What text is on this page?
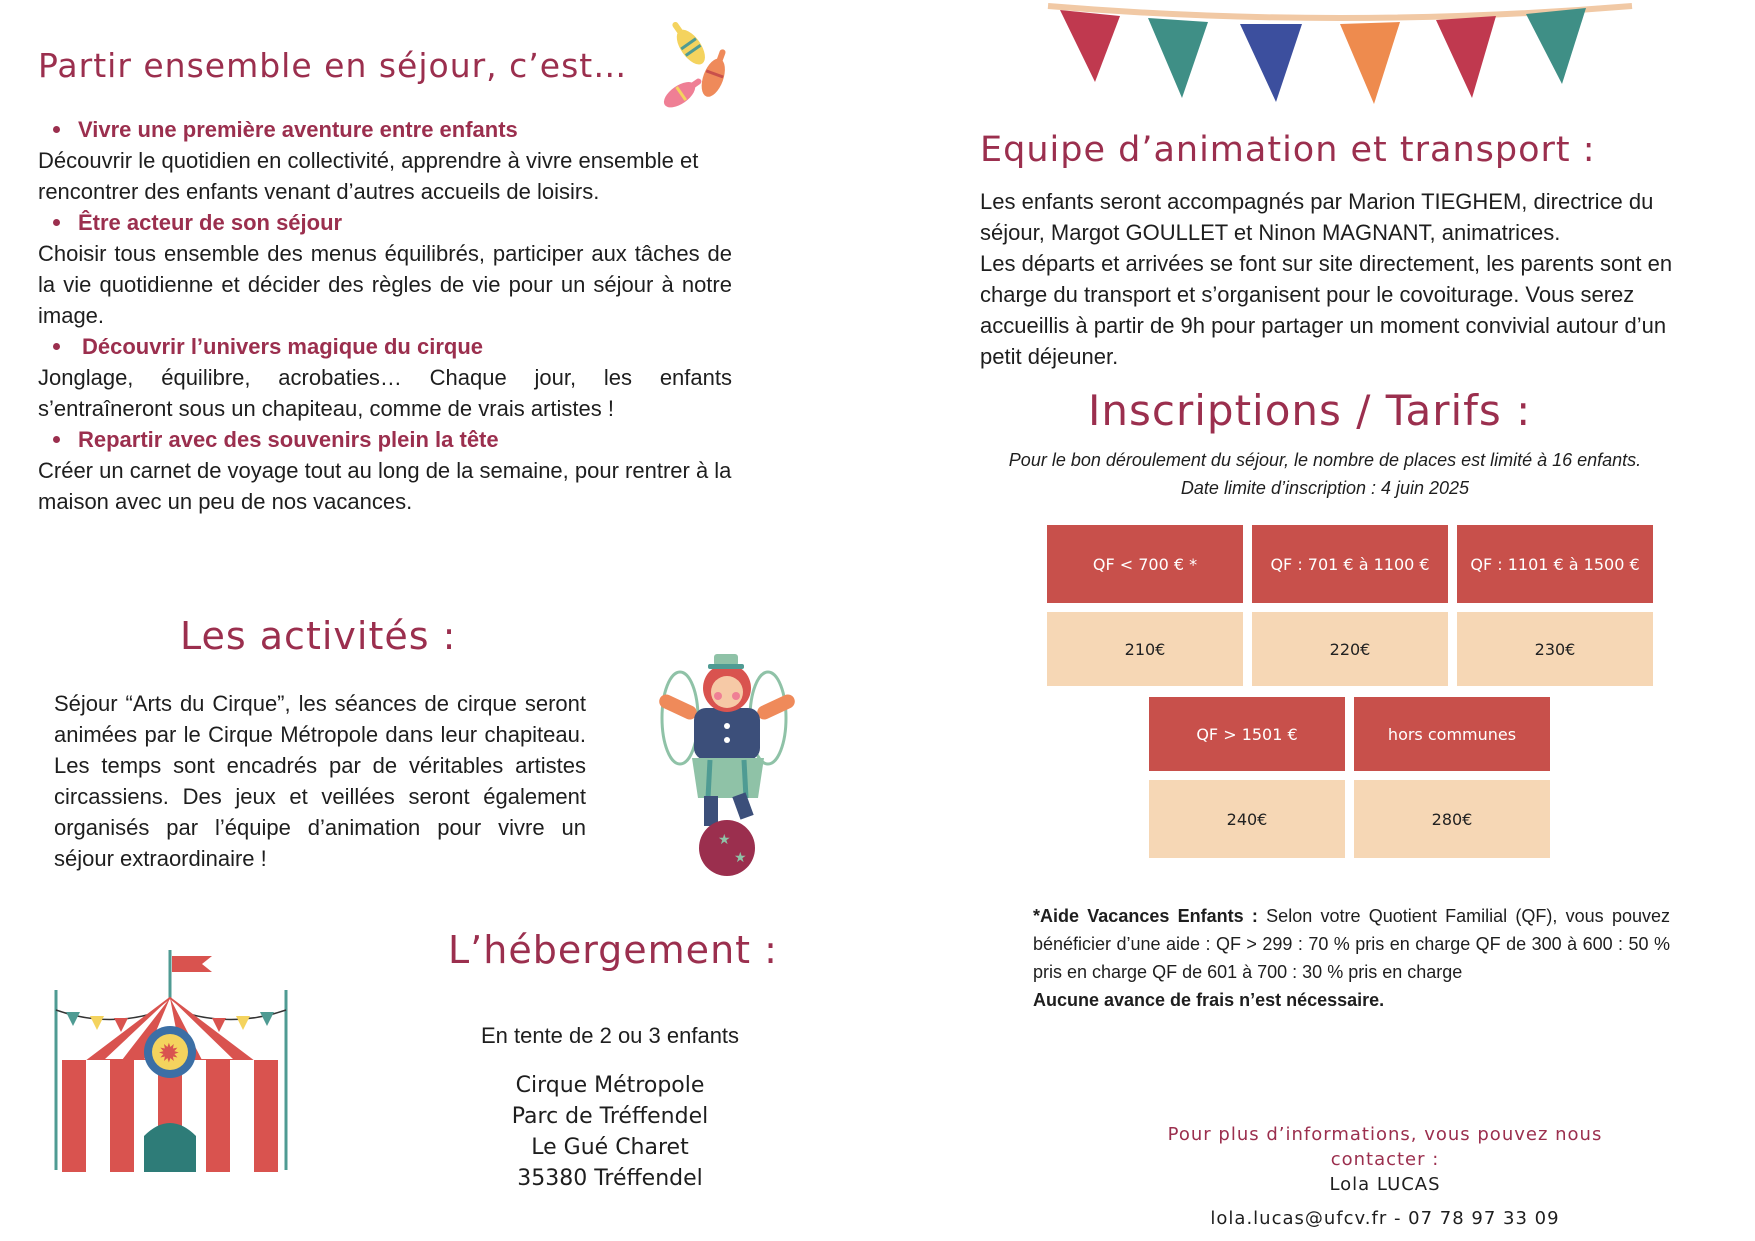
Partir ensemble en séjour, c’est…
Vivre une première aventure entre enfants
Découvrir le quotidien en collectivité, apprendre à vivre ensemble et rencontrer des enfants venant d’autres accueils de loisirs.
Être acteur de son séjour
Choisir tous ensemble des menus équilibrés, participer aux tâches de la vie quotidienne et décider des règles de vie pour un séjour à notre image.
Découvrir l’univers magique du cirque
Jonglage, équilibre, acrobaties… Chaque jour, les enfants s’entraîneront sous un chapiteau, comme de vrais artistes !
Repartir avec des souvenirs plein la tête
Créer un carnet de voyage tout au long de la semaine, pour rentrer à la maison avec un peu de nos vacances.
Les activités :
Séjour “Arts du Cirque”, les séances de cirque seront animées par le Cirque Métropole dans leur chapiteau. Les temps sont encadrés par de véritables artistes circassiens. Des jeux et veillées seront également organisés par l’équipe d’animation pour vivre un séjour extraordinaire !
★
★
L’hébergement :
En tente de 2 ou 3 enfants
Cirque Métropole
Parc de Tréffendel
Le Gué Charet
35380 Tréffendel
✹
Equipe d’animation et transport :
Les enfants seront accompagnés par Marion TIEGHEM, directrice du séjour, Margot GOULLET et Ninon MAGNANT, animatrices.
Les départs et arrivées se font sur site directement, les parents sont en charge du transport et s’organisent pour le covoiturage. Vous serez accueillis à partir de 9h pour partager un moment convivial autour d’un petit déjeuner.
Inscriptions / Tarifs :
Pour le bon déroulement du séjour, le nombre de places est limité à 16 enfants.
Date limite d’inscription : 4 juin 2025
QF < 700 € *	QF : 701 € à 1100 €	QF : 1101 € à 1500 €
210€	220€	230€
QF > 1501 €	hors communes
240€	280€
*Aide Vacances Enfants : Selon votre Quotient Familial (QF), vous pouvez bénéficier d’une aide : QF > 299 : 70 % pris en charge QF de 300 à 600 : 50 % pris en charge QF de 601 à 700 : 30 % pris en charge
Aucune avance de frais n’est nécessaire.
Pour plus d’informations, vous pouvez nous contacter :
Lola LUCAS
lola.lucas@ufcv.fr - 07 78 97 33 09
